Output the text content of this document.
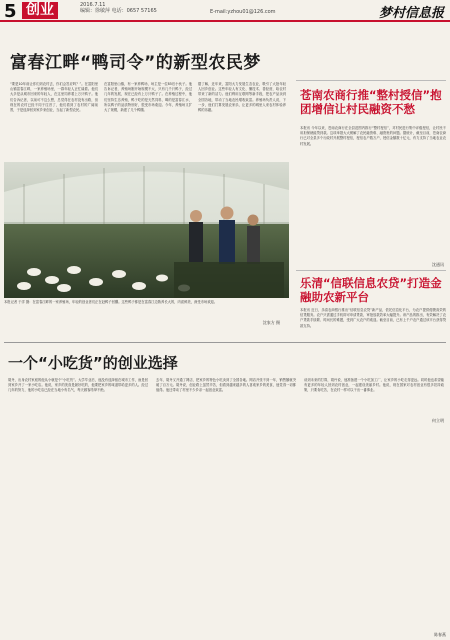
5 创业	2016.7.11
编辑：徐敏萍 电话：0657 57165	E-mail:yzhou01@126.com	梦村信息报
富春江畔“鸭司令”的新型农民梦
“要是10年前让你们到农村去，你们会答应吗？”。在富阳里山镇富春江畔，一家养殖场里，一群年轻人正忙碌着。他们大多是从城市回来的年轻人，在这里饲养着上万只鸭子。他们告诉记者，以前可不这么想，总觉得在农村没有出路，但现在的农村已经不同于往昔了，他们看到了农村的广阔前景，于是选择回到家乡来创业，当起了新型农民。
在富阳里山镇，有一家养鸭场，场主是一位85后小伙子。他告诉记者，养殖场刚开始规模不大，只有几千只鸭子，经过几年的发展，现在已经有上万只鸭子了。在养殖过程中，他们坚持生态养殖，鸭子吃的是天然饲料，喝的是富春江水，所以鸭子的品质特别好，很受市场欢迎。今年，养殖场又扩大了规模，新建了几个鸭棚。
据了解，近年来，富阳大力发展生态农业，吸引了大批年轻人回乡创业。这些年轻人有文化、懂技术、善经营，给农村带来了新的活力。他们利用互联网等新手段，把农产品卖到全国各地，带动了当地农民增收致富。养殖场负责人说，下一步，他们打算发展农家乐，让更多的城里人来农村体验养鸭的乐趣。
本报记者 于洋 摄：在富春江畔的一家养殖场，年轻的创业者们正在赶鸭子回棚。这些鸭子都是在富春江边散养长大的，肉质鲜美，深受市场欢迎。
沈家方 摄
苍南农商行推“整村授信”抱团增信让村民融资不愁
本报讯 今年以来，苍南农商行在全县范围内推行“整村授信”，对村民进行集中评级授信，让村民不用担保就能贷到款。这项举措大大缓解了农民融资难、融资贵的问题。据统计，截至目前，苍南农商行已对全县多个行政村开展整村授信，授信农户数万户，授信金额数十亿元，有力支持了当地农业农村发展。
沈通讯
乐清“信联信息农贷”打造金融助农新平台
本报讯 近日，乐清农商银行推出“信联信息农贷”新产品，依托信息化平台，为农户提供便捷高效的信贷服务。农户只需通过手机即可申请贷款，审批放款效率大幅提升。该产品的推出，有效解决了农户贷款手续繁、时间长的难题，受到广大农户的欢迎。截至目前，已有上千户农户通过该平台获得贷款支持。
何立明
一个“小吃货”的创业选择
胡丹，出身农村家庭的他从小就是个“小吃货”。大学毕业后，他没有选择留在城市工作，而是回到家乡开了一家小吃店。他说，家乡的美食是最好吃的，他要把家乡的味道带给更多的人。经过几年的努力，他的小吃店已经在当地小有名气，每天顾客络绎不绝。
去年，胡丹又开通了网店，把家乡的特色小吃卖到了全国各地。网店开张不到一年，销售额就突破了百万元。胡丹说，创业路上虽然辛苦，但看到越来越多的人喜欢家乡的美食，他觉得一切都值得。他还带动了村里不少乡亲一起创业致富。
谈到未来的打算，胡丹说，他准备建一个小吃加工厂，让家乡的小吃走得更远。同时他也希望能有更多的年轻人回到农村创业，一起建设美丽乡村。他说，现在国家对农村创业有很多扶持政策，只要肯吃苦，在农村一样可以干出一番事业。
陈春燕
